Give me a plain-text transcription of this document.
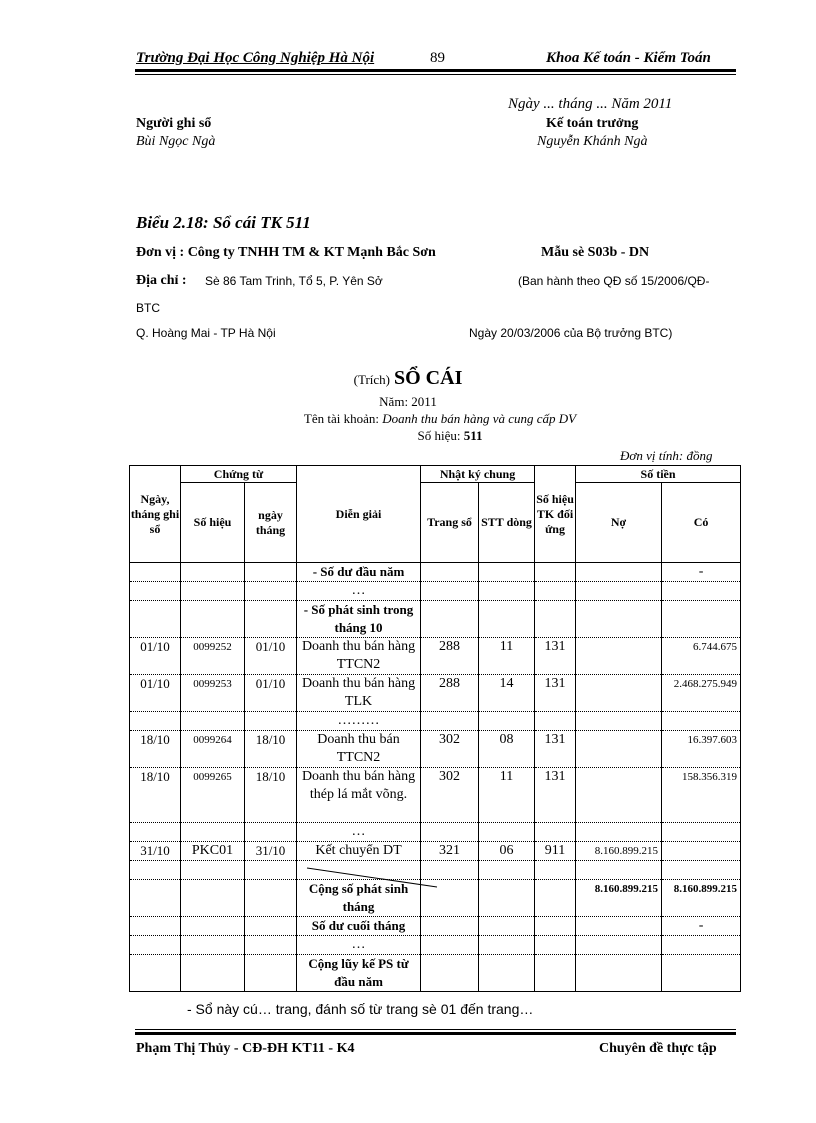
Trường Đại Học Công Nghiệp Hà Nội	89	Khoa Kế toán - Kiểm Toán
Ngày ... tháng ... Năm 2011
Người ghi sổ
Bùi Ngọc Ngà
Kế toán trưởng
Nguyễn Khánh Ngà
Biểu 2.18: Sổ cái TK 511
Đơn vị : Công ty TNHH TM & KT Mạnh Bắc Sơn	Mẫu sè S03b - DN
Địa chỉ : Sè 86 Tam Trinh, Tổ 5, P. Yên Sở	(Ban hành theo QĐ số 15/2006/QĐ-
BTC
Q. Hoàng Mai - TP Hà Nội	Ngày 20/03/2006 của Bộ trưởng BTC)
(Trích) SỔ CÁI
Năm: 2011
Tên tài khoản: Doanh thu bán hàng và cung cấp DV
Số hiệu: 511
Đơn vị tính: đồng
Ngày, tháng ghi sổ	Chứng từ		Diễn giải	Nhật ký chung		Số hiệu TK đối ứng	Số tiền	
	Số hiệu	ngày tháng		Trang sổ	STT dòng		Nợ	Có
			- Số dư đầu năm					-
			…					
			- Số phát sinh trong tháng 10					
01/10	0099252	01/10	Doanh thu bán hàng TTCN2	288	11	131		6.744.675
01/10	0099253	01/10	Doanh thu bán hàng TLK	288	14	131		2.468.275.949
			………					
18/10	0099264	18/10	Doanh thu bán TTCN2	302	08	131		16.397.603
18/10	0099265	18/10	Doanh thu bán hàng thép lá mắt võng.	302	11	131		158.356.319
			…					
31/10	PKC01	31/10	Kết chuyển DT	321	06	911	8.160.899.215	

			Cộng số phát sinh tháng				8.160.899.215	8.160.899.215
			Số dư cuối tháng					-
			…					
			Cộng lũy kế PS từ đầu năm					
- Sổ này cú… trang, đánh số từ trang sè 01 đến trang…
Phạm Thị Thủy - CĐ-ĐH KT11 - K4	Chuyên đề thực tập
